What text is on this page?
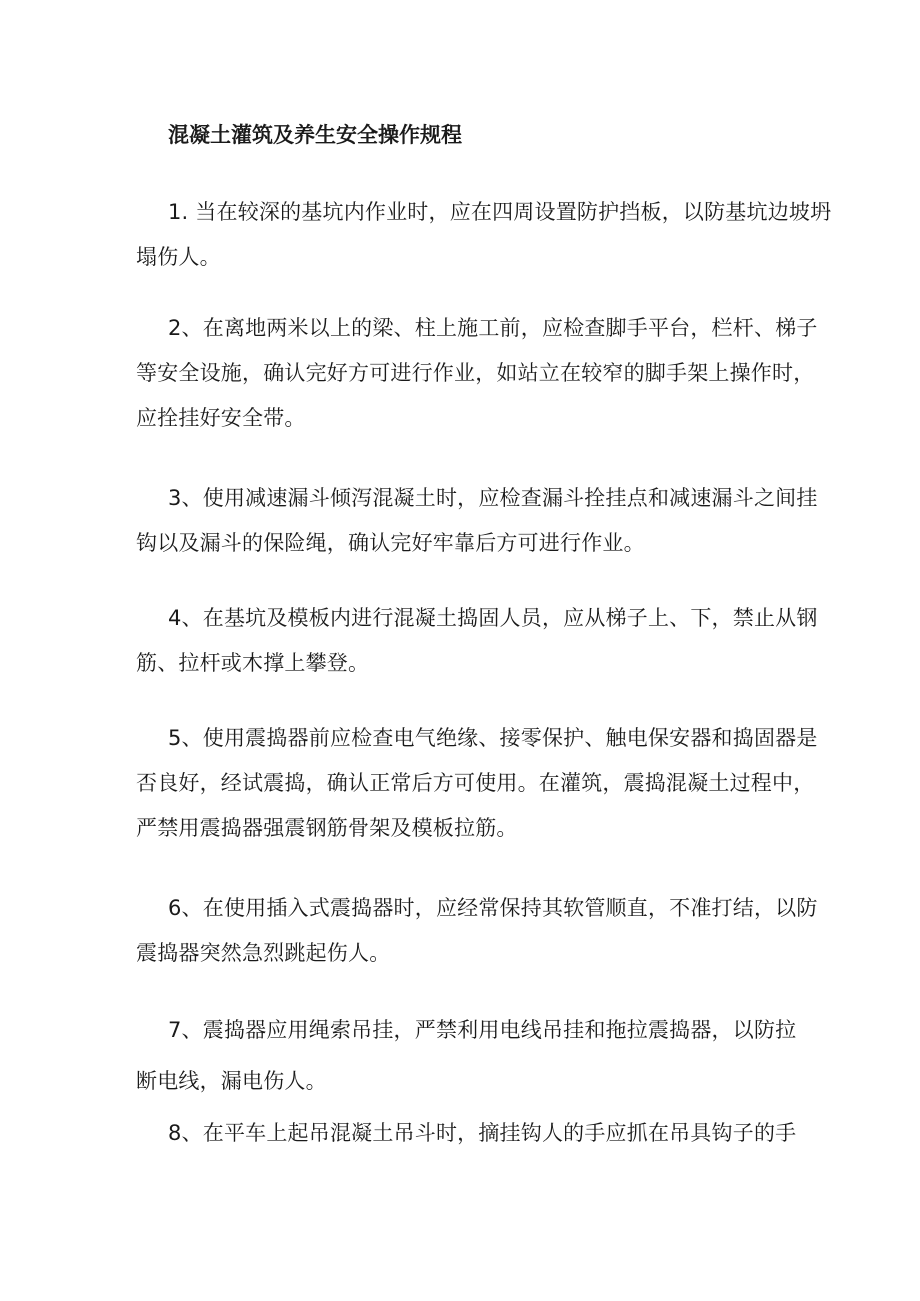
混凝土灌筑及养生安全操作规程

1. 当在较深的基坑内作业时，应在四周设置防护挡板，以防基坑边坡坍
塌伤人。

2、在离地两米以上的梁、柱上施工前，应检查脚手平台，栏杆、梯子
等安全设施，确认完好方可进行作业，如站立在较窄的脚手架上操作时，
应拴挂好安全带。

3、使用减速漏斗倾泻混凝土时，应检查漏斗拴挂点和减速漏斗之间挂
钩以及漏斗的保险绳，确认完好牢靠后方可进行作业。

4、在基坑及模板内进行混凝土捣固人员，应从梯子上、下，禁止从钢
筋、拉杆或木撑上攀登。

5、使用震捣器前应检查电气绝缘、接零保护、触电保安器和捣固器是
否良好，经试震捣，确认正常后方可使用。在灌筑，震捣混凝土过程中，
严禁用震捣器强震钢筋骨架及模板拉筋。

6、在使用插入式震捣器时，应经常保持其软管顺直，不准打结，以防
震捣器突然急烈跳起伤人。

7、震捣器应用绳索吊挂，严禁利用电线吊挂和拖拉震捣器，以防拉
断电线，漏电伤人。

8、在平车上起吊混凝土吊斗时，摘挂钩人的手应抓在吊具钩子的手
